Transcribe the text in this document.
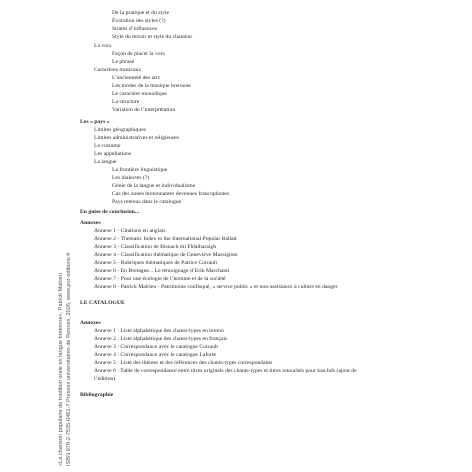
«La chanson populaire de tradition orale en langue bretonne», Patrick Malrieu ISBN 978-2-7535-0461-7 Presses universitaires de Rennes, 2026, www.pur-editions.fr
De la pratique et du style
Évolution des styles (?)
Strates d’influences
Style du terroir et style du chanteur
La voix
Façon de placer la voix
Le phrasé
Caractères musicaux
L’ancienneté des airs
Les modes de la musique bretonne
Le caractère monodique
La structure
Variation de l’interprétation
Les « pays »
Limites géographiques
Limites administratives et religieuses
Le costume
Les appellations
La langue
La frontière linguistique
Les dialectes (?)
Génie de la langue et individualisme
Cas des zones bretonnantes devenues francophones
Pays retenus dans le catalogue
En guise de conclusion...
Annexes
Annexe 1 - Citations en anglais
Annexe 2 - Thematic Index to the International Popular Ballad
Annexe 3 - Classification de Bisnach mi Fhlatharaigh
Annexe 4 - Classification thématique de Geneviève Massignon
Annexe 5 - Rubriques thématiques de Patrice Coirault
Annexe 6 - En Bretagne... Le témoignage d’Erik Marchand
Annexe 7 - Pour une écologie de l’homme et de la société
Annexe 8 - Patrick Malrieu - Patrimoine confisqué, « service public » et non-assistance à culture en danger
LE CATALOGUE
Annexes
Annexe 1 : Liste alphabétique des chants-types en breton
Annexe 2 : Liste alphabétique des chants-types en français
Annexe 3 : Correspondance avec le catalogue Coirault
Annexe 4 : Correspondance avec le catalogue Laforte
Annexe 5 : Liste des thèmes et des références des chants-types correspondants
Annexe 6 : Table de correspondance entre titres originels des chants-types et titres retouchés pour kan.bzh (ajout de
l’édition)
Bibliographie
